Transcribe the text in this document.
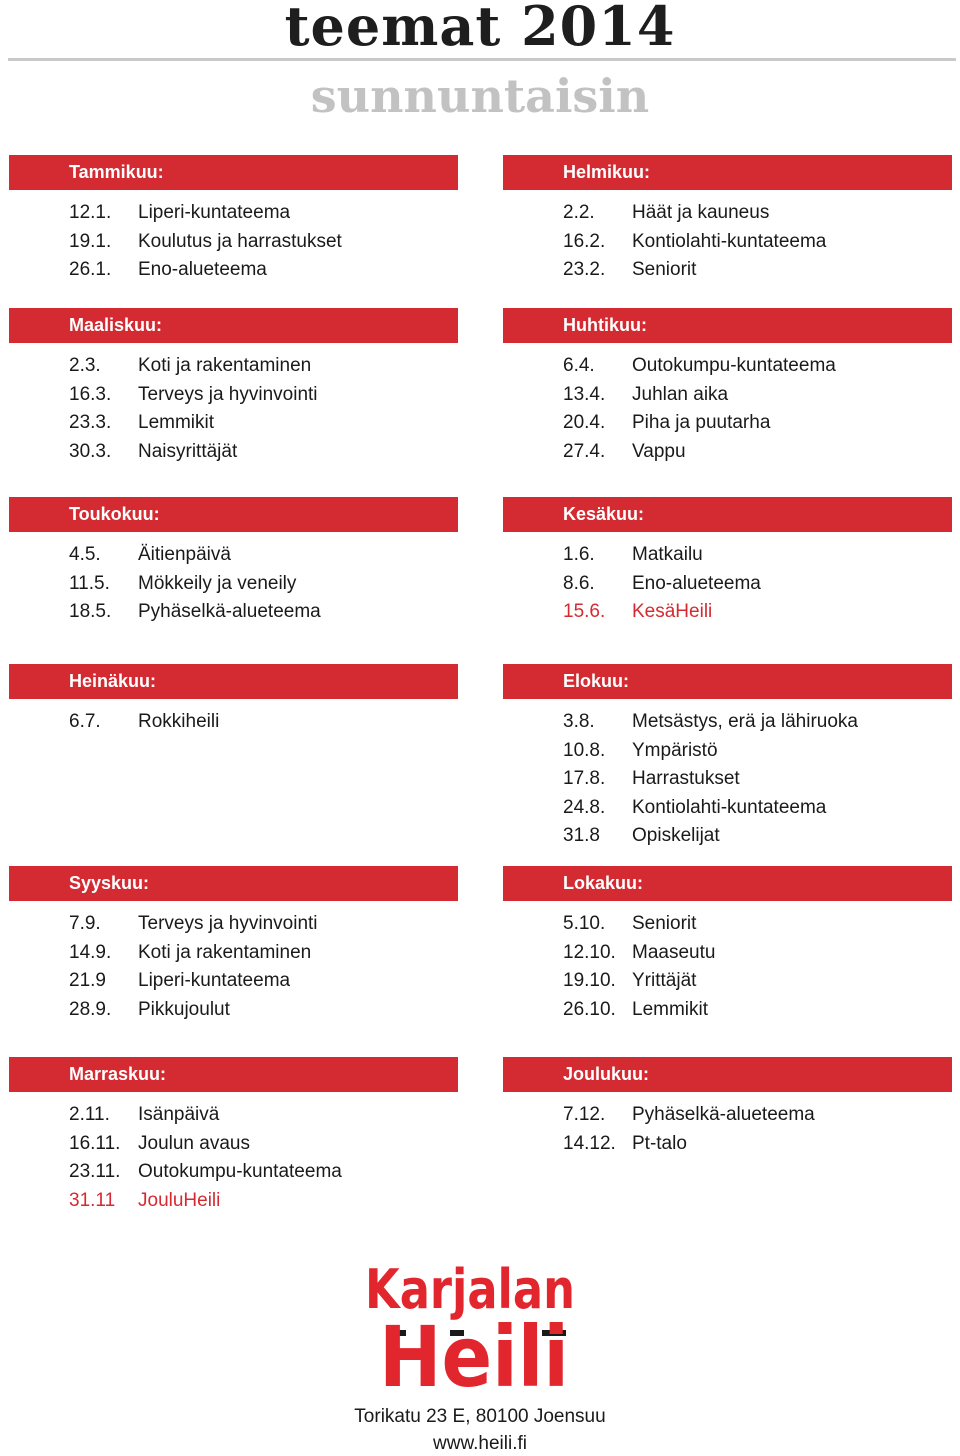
teemat 2014
sunnuntaisin
Tammikuu:
12.1. Liperi-kuntateema
19.1. Koulutus ja harrastukset
26.1. Eno-alueteema
Helmikuu:
2.2. Häät ja kauneus
16.2. Kontiolahti-kuntateema
23.2. Seniorit
Maaliskuu:
2.3. Koti ja rakentaminen
16.3. Terveys ja hyvinvointi
23.3. Lemmikit
30.3. Naisyrittäjät
Huhtikuu:
6.4. Outokumpu-kuntateema
13.4. Juhlan aika
20.4. Piha ja puutarha
27.4. Vappu
Toukokuu:
4.5. Äitienpäivä
11.5. Mökkeily ja veneily
18.5. Pyhäselkä-alueteema
Kesäkuu:
1.6. Matkailu
8.6. Eno-alueteema
15.6. KesäHeili
Heinäkuu:
6.7. Rokkiheili
Elokuu:
3.8. Metsästys, erä ja lähiruoka
10.8. Ympäristö
17.8. Harrastukset
24.8. Kontiolahti-kuntateema
31.8 Opiskelijat
Syyskuu:
7.9. Terveys ja hyvinvointi
14.9. Koti ja rakentaminen
21.9 Liperi-kuntateema
28.9. Pikkujoulut
Lokakuu:
5.10. Seniorit
12.10. Maaseutu
19.10. Yrittäjät
26.10. Lemmikit
Marraskuu:
2.11. Isänpäivä
16.11. Joulun avaus
23.11. Outokumpu-kuntateema
31.11 JouluHeili
Joulukuu:
7.12. Pyhäselkä-alueteema
14.12. Pt-talo
Karjalan
Heili
Torikatu 23 E, 80100 Joensuu
www.heili.fi
